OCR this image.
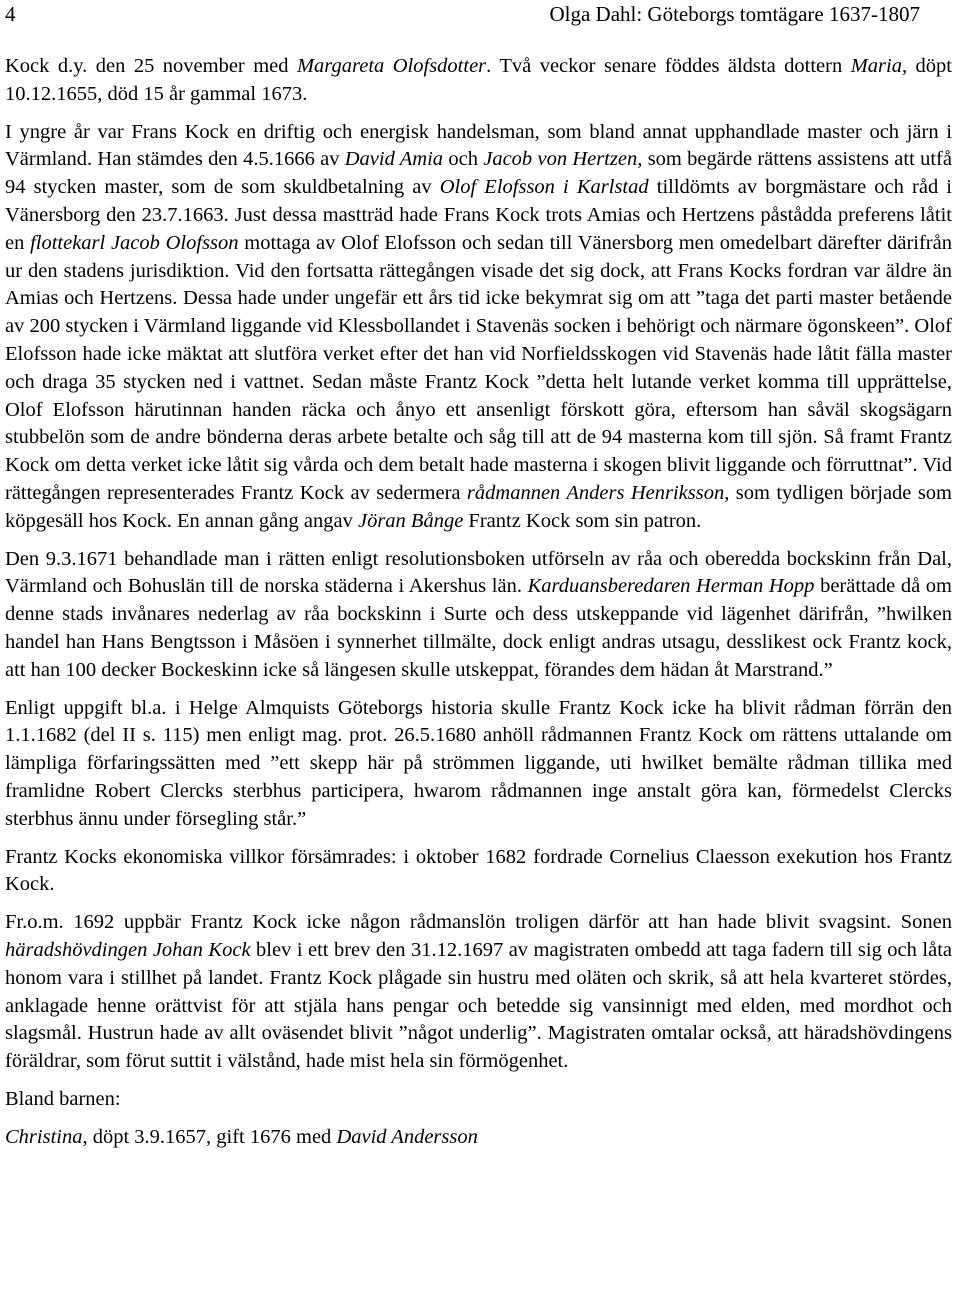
4	Olga Dahl: Göteborgs tomtägare 1637-1807

Kock d.y. den 25 november med Margareta Olofsdotter. Två veckor senare föddes äldsta dottern Maria, döpt 10.12.1655, död 15 år gammal 1673.

I yngre år var Frans Kock en driftig och energisk handelsman, som bland annat upphandlade master och järn i Värmland. Han stämdes den 4.5.1666 av David Amia och Jacob von Hertzen, som begärde rättens assistens att utfå 94 stycken master, som de som skuldbetalning av Olof Elofsson i Karlstad tilldömts av borgmästare och råd i Vänersborg den 23.7.1663. Just dessa mastträd hade Frans Kock trots Amias och Hertzens påstådda preferens låtit en flottekarl Jacob Olofsson mottaga av Olof Elofsson och sedan till Vänersborg men omedelbart därefter därifrån ur den stadens jurisdiktion. Vid den fortsatta rättegången visade det sig dock, att Frans Kocks fordran var äldre än Amias och Hertzens. Dessa hade under ungefär ett års tid icke bekymrat sig om att ”taga det parti master betående av 200 stycken i Värmland liggande vid Klessbollandet i Stavenäs socken i behörigt och närmare ögonskeen”. Olof Elofsson hade icke mäktat att slutföra verket efter det han vid Norfieldsskogen vid Stavenäs hade låtit fälla master och draga 35 stycken ned i vattnet. Sedan måste Frantz Kock ”detta helt lutande verket komma till upprättelse, Olof Elofsson härutinnan handen räcka och ånyo ett ansenligt förskott göra, eftersom han såväl skogsägarn stubbelön som de andre bönderna deras arbete betalte och såg till att de 94 masterna kom till sjön. Så framt Frantz Kock om detta verket icke låtit sig vårda och dem betalt hade masterna i skogen blivit liggande och förruttnat”. Vid rättegången representerades Frantz Kock av sedermera rådmannen Anders Henriksson, som tydligen började som köpgesäll hos Kock. En annan gång angav Jöran Bånge Frantz Kock som sin patron.

Den 9.3.1671 behandlade man i rätten enligt resolutionsboken utförseln av råa och oberedda bockskinn från Dal, Värmland och Bohuslän till de norska städerna i Akershus län. Karduansberedaren Herman Hopp berättade då om denne stads invånares nederlag av råa bockskinn i Surte och dess utskeppande vid lägenhet därifrån, ”hwilken handel han Hans Bengtsson i Måsöen i synnerhet tillmälte, dock enligt andras utsagu, desslikest ock Frantz kock, att han 100 decker Bockeskinn icke så längesen skulle utskeppat, förandes dem hädan åt Marstrand.”

Enligt uppgift bl.a. i Helge Almquists Göteborgs historia skulle Frantz Kock icke ha blivit rådman förrän den 1.1.1682 (del II s. 115) men enligt mag. prot. 26.5.1680 anhöll rådmannen Frantz Kock om rättens uttalande om lämpliga förfaringssätten med ”ett skepp här på strömmen liggande, uti hwilket bemälte rådman tillika med framlidne Robert Clercks sterbhus participera, hwarom rådmannen inge anstalt göra kan, förmedelst Clercks sterbhus ännu under försegling står.”

Frantz Kocks ekonomiska villkor försämrades: i oktober 1682 fordrade Cornelius Claesson exekution hos Frantz Kock.

Fr.o.m. 1692 uppbär Frantz Kock icke någon rådmanslön troligen därför att han hade blivit svagsint. Sonen häradshövdingen Johan Kock blev i ett brev den 31.12.1697 av magistraten ombedd att taga fadern till sig och låta honom vara i stillhet på landet. Frantz Kock plågade sin hustru med oläten och skrik, så att hela kvarteret stördes, anklagade henne orättvist för att stjäla hans pengar och betedde sig vansinnigt med elden, med mordhot och slagsmål. Hustrun hade av allt oväsendet blivit ”något underlig”. Magistraten omtalar också, att häradshövdingens föräldrar, som förut suttit i välstånd, hade mist hela sin förmögenhet.

Bland barnen:

Christina, döpt 3.9.1657, gift 1676 med David Andersson
